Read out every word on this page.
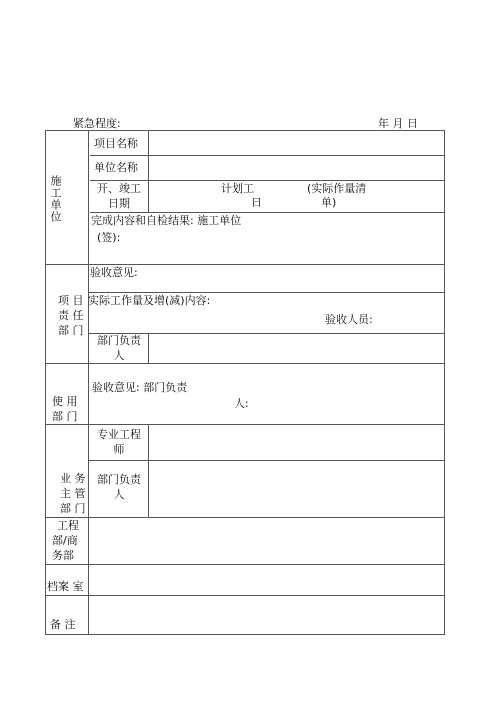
紧急程度:	年 月 日
施工单位
项目名称
单位名称
开、竣工
日期
计划工
日
(实际作量清
单)
完成内容和自检结果: 施工单位
(签):
项 目
责 任
部 门
验收意见:
实际工作量及增(减)内容:
验收人员:
部门负责
人
使 用
部 门
验收意见: 部门负责
人:
业 务
主 管
部 门
专业工程
师
部门负责
人
工程
部/商
务部
档案 室
备 注
